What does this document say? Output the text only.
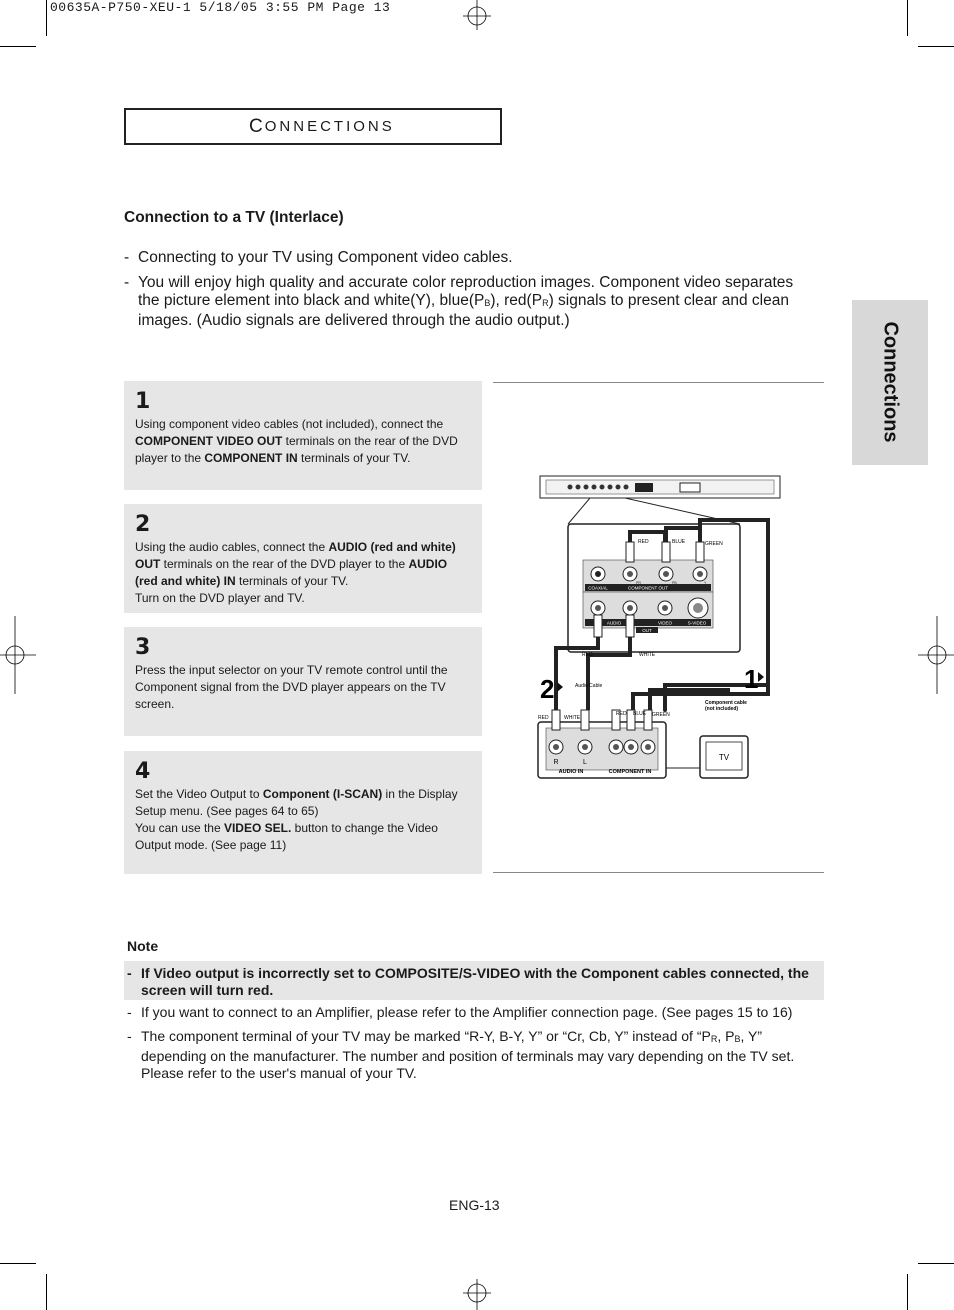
00635A-P750-XEU-1 5/18/05 3:55 PM Page 13
C ONNECTIONS
Connections
Connection to a TV (Interlace)
- Connecting to your TV using Component video cables.
- You will enjoy high quality and accurate color reproduction images. Component video separates the picture element into black and white(Y), blue(PB), red(PR) signals to present clear and clean images. (Audio signals are delivered through the audio output.)
1
Using component video cables (not included), connect the COMPONENT VIDEO OUT terminals on the rear of the DVD player to the COMPONENT IN terminals of your TV.
2
Using the audio cables, connect the AUDIO (red and white) OUT terminals on the rear of the DVD player to the AUDIO (red and white) IN terminals of your TV.
Turn on the DVD player and TV.
3
Press the input selector on your TV remote control until the Component signal from the DVD player appears on the TV screen.
4
Set the Video Output to Component (I-SCAN) in the Display Setup menu. (See pages 64 to 65)
You can use the VIDEO SEL. button to change the Video Output mode. (See page 11)
COAXIAL	COMPONENT OUT
AUDIO	VIDEO	S-VIDEO
OUT
PR	PB	Y
RED	BLUE	GREEN
RED	WHITE
R	L
AUDIO IN	COMPONENT IN
RED	WHITE
RED BLUE GREEN
Audio Cable
Component cable
(not included)
TV
1
2
Note
- If Video output is incorrectly set to COMPOSITE/S-VIDEO with the Component cables connected, the screen will turn red.
- If you want to connect to an Amplifier, please refer to the Amplifier connection page. (See pages 15 to 16)
- The component terminal of your TV may be marked “R-Y, B-Y, Y” or “Cr, Cb, Y” instead of “PR, PB, Y” depending on the manufacturer. The number and position of terminals may vary depending on the TV set. Please refer to the user's manual of your TV.
ENG-13
